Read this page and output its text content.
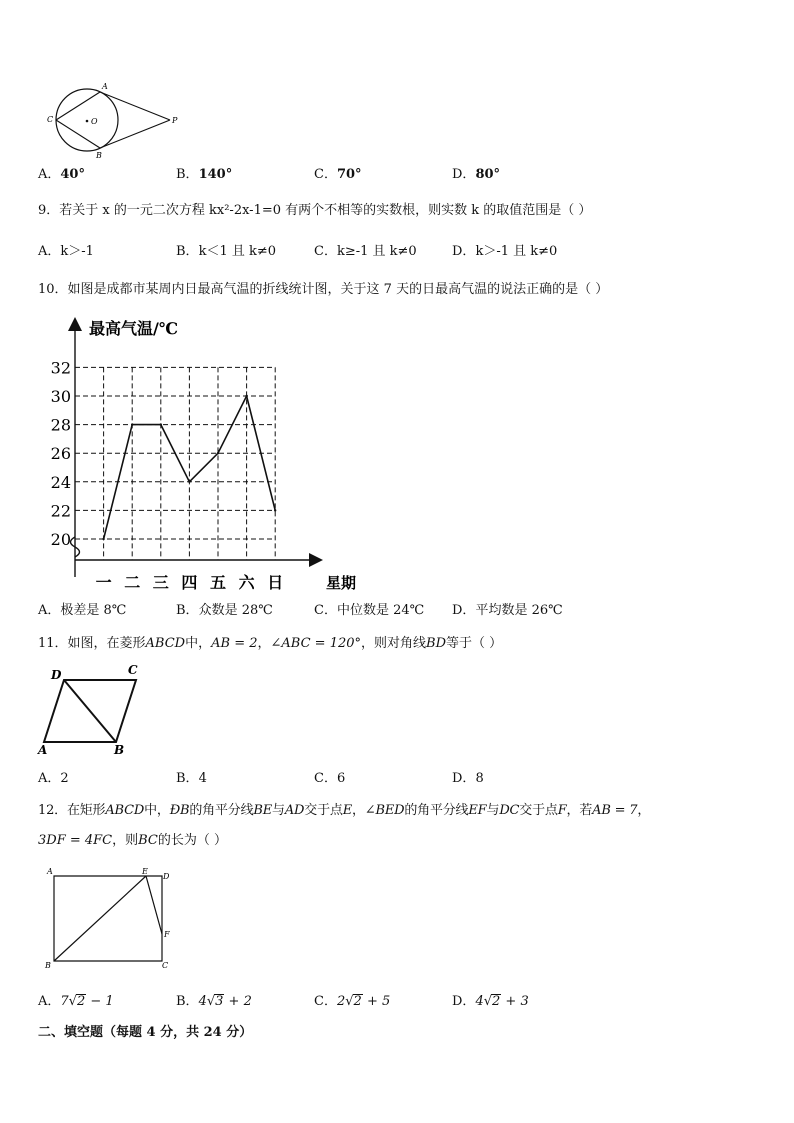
A
B
C	O	P
A．40°	B．140°	C．70°	D．80°
9．若关于 x 的一元二次方程 kx²-2x-1=0 有两个不相等的实数根，则实数 k 的取值范围是（ ）
A．k＞-1	B．k＜1 且 k≠0	C．k≥-1 且 k≠0	D．k＞-1 且 k≠0
10．如图是成都市某周内日最高气温的折线统计图，关于这 7 天的日最高气温的说法正确的是（ ）
最高气温/℃
星期
20
22
24
26
28
30
32
一 二 三 四 五 六 日
A．极差是 8℃	B．众数是 28℃	C．中位数是 24℃ D．平均数是 26℃
11．如图，在菱形ABCD中，AB = 2，∠ABC = 120°，则对角线BD等于（ ）
A	B
C
D
A．2	B．4	C．6	D．8
12．在矩形ABCD中，ÐB的角平分线BE与AD交于点E，∠BED的角平分线EF与DC交于点F，若AB = 7，
3DF = 4FC，则BC的长为（ ）
A
B	C
D
E
F
A．7√2 − 1	B．4√3 + 2	C．2√2 + 5	D．4√2 + 3
二、填空题（每题 4 分，共 24 分）
